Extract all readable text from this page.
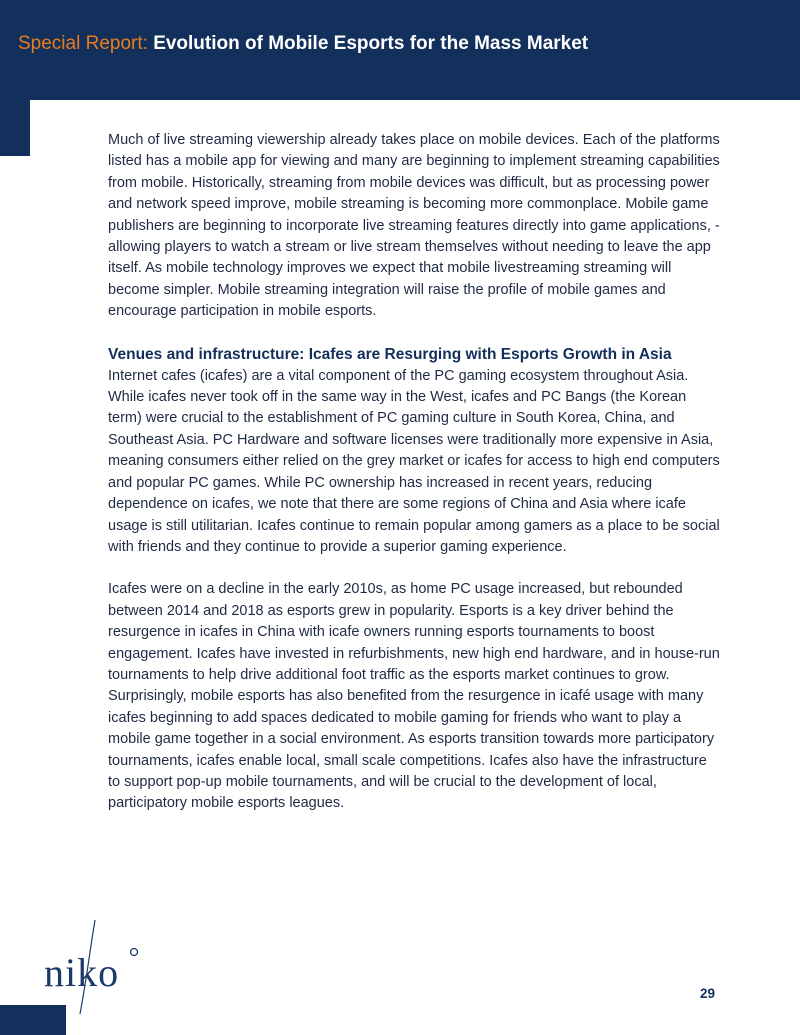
Special Report: Evolution of Mobile Esports for the Mass Market

Much of live streaming viewership already takes place on mobile devices. Each of the platforms listed has a mobile app for viewing and many are beginning to implement streaming capabilities from mobile. Historically, streaming from mobile devices was difficult, but as processing power and network speed improve, mobile streaming is becoming more commonplace. Mobile game publishers are beginning to incorporate live streaming features directly into game applications, - allowing players to watch a stream or live stream themselves without needing to leave the app itself. As mobile technology improves we expect that mobile livestreaming streaming will become simpler. Mobile streaming integration will raise the profile of mobile games and encourage participation in mobile esports.

Venues and infrastructure: Icafes are Resurging with Esports Growth in Asia

Internet cafes (icafes) are a vital component of the PC gaming ecosystem throughout Asia. While icafes never took off in the same way in the West, icafes and PC Bangs (the Korean term) were crucial to the establishment of PC gaming culture in South Korea, China, and Southeast Asia. PC Hardware and software licenses were traditionally more expensive in Asia, meaning consumers either relied on the grey market or icafes for access to high end computers and popular PC games. While PC ownership has increased in recent years, reducing dependence on icafes, we note that there are some regions of China and Asia where icafe usage is still utilitarian. Icafes continue to remain popular among gamers as a place to be social with friends and they continue to provide a superior gaming experience.

Icafes were on a decline in the early 2010s, as home PC usage increased, but rebounded between 2014 and 2018 as esports grew in popularity. Esports is a key driver behind the resurgence in icafes in China with icafe owners running esports tournaments to boost engagement. Icafes have invested in refurbishments, new high end hardware, and in house-run tournaments to help drive additional foot traffic as the esports market continues to grow. Surprisingly, mobile esports has also benefited from the resurgence in icafé usage with many icafes beginning to add spaces dedicated to mobile gaming for friends who want to play a mobile game together in a social environment. As esports transition towards more participatory tournaments, icafes enable local, small scale competitions. Icafes also have the infrastructure to support pop-up mobile tournaments, and will be crucial to the development of local, participatory mobile esports leagues.

niko	29
